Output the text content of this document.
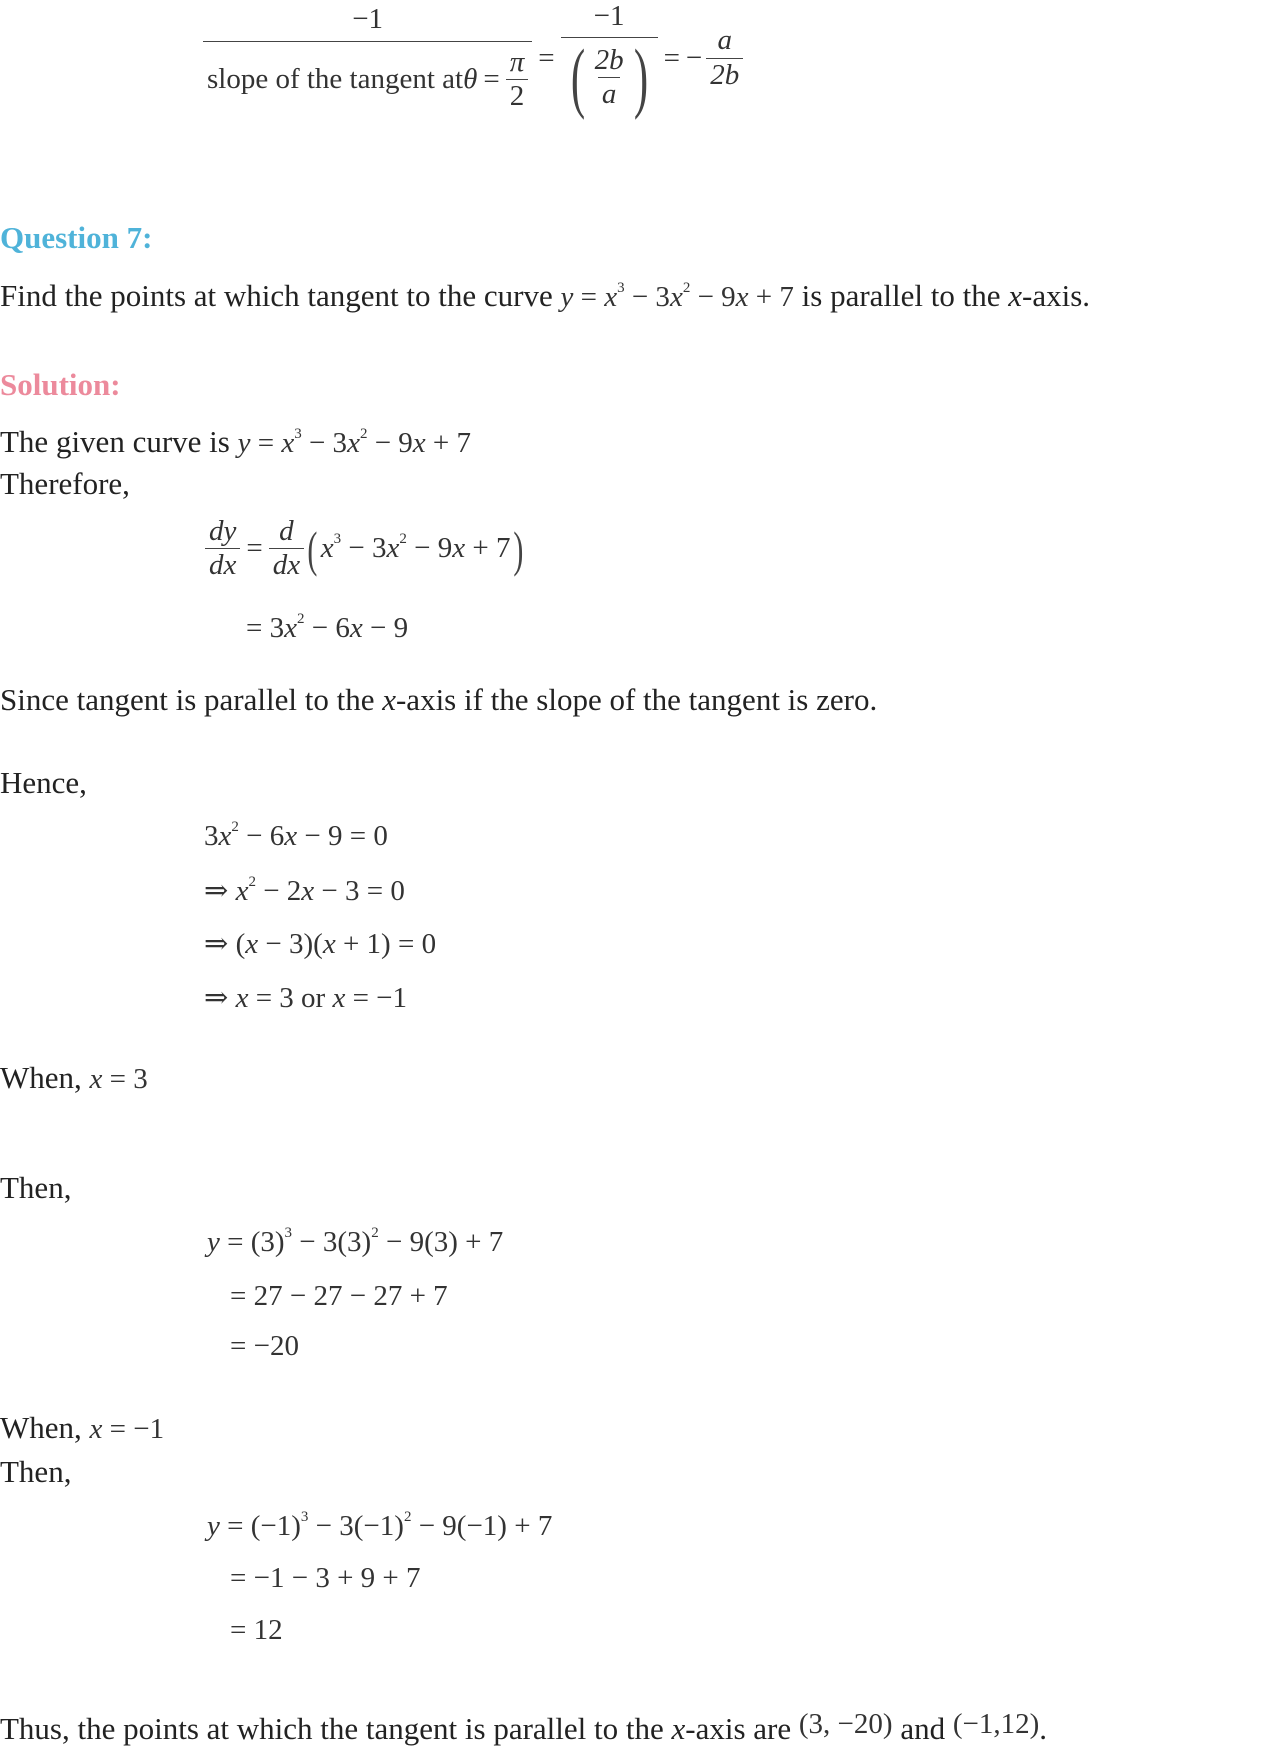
−1
slope of the tangent at $\theta = \frac{\pi}{2}$ =
−1
( $\frac{2b}{a}$ ) = − $\frac{a}{2b}$
Question 7:
Find the points at which tangent to the curve $y = x^3 - 3x^2 - 9x + 7$ is parallel to the x-axis.
Solution:
The given curve is $y = x^3 - 3x^2 - 9x + 7$
Therefore,
$\frac{dy}{dx} = \frac{d}{dx}$ ( $x^3 - 3x^2 - 9x + 7$ )
= $3x^2 - 6x - 9$
Since tangent is parallel to the x-axis if the slope of the tangent is zero.
Hence,
$3x^2 - 6x - 9 = 0$
⇒ $x^2 - 2x - 3 = 0$
⇒ (x − 3)(x + 1) = 0
⇒ x = 3 or x = −1
When, x = 3
Then,
$y = (3)^3 - 3(3)^2 - 9(3) + 7$
= 27 − 27 − 27 + 7
= −20
When, x = −1
Then,
$y = (-1)^3 - 3(-1)^2 - 9(-1) + 7$
= −1 − 3 + 9 + 7
= 12
Thus, the points at which the tangent is parallel to the x-axis are (3, −20) and (−1,12).
